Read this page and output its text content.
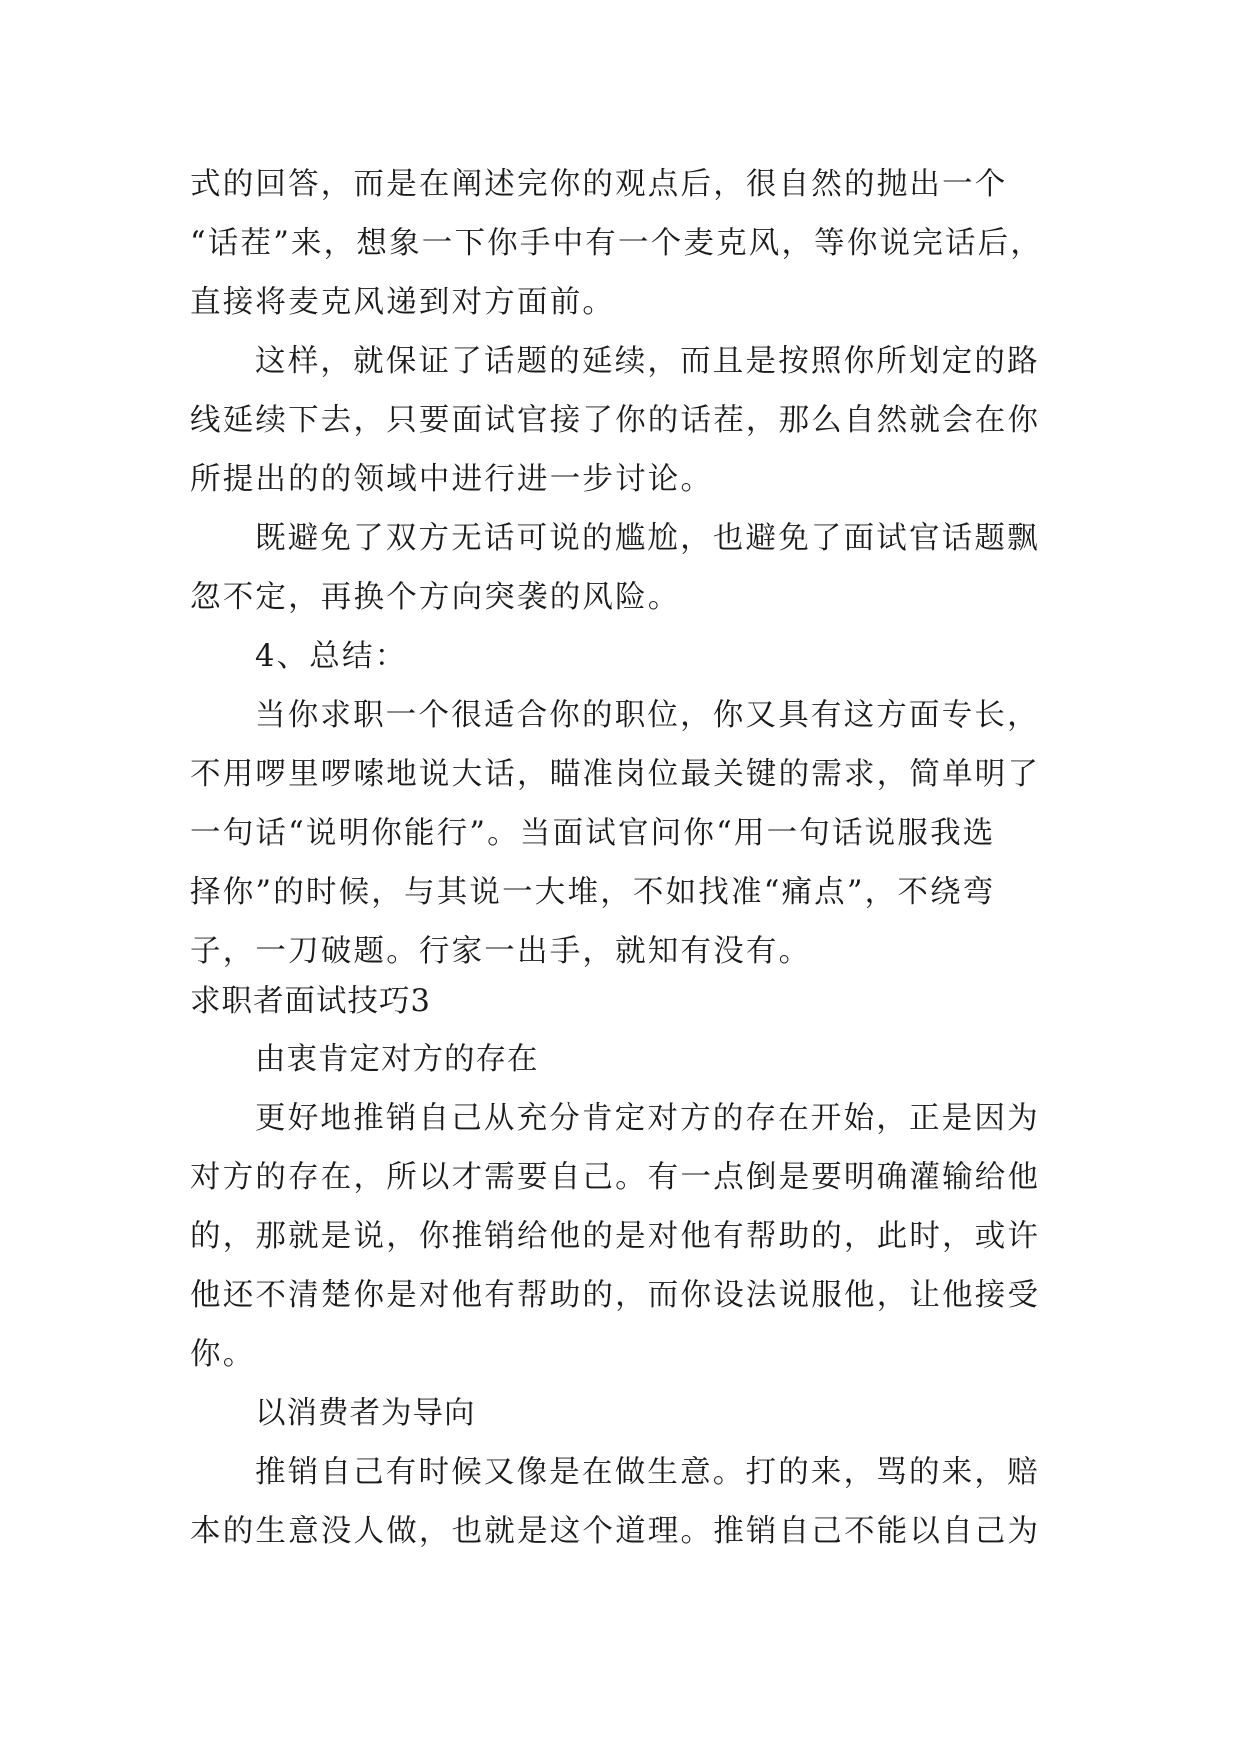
式的回答，而是在阐述完你的观点后，很自然的抛出一个
“话茬”来，想象一下你手中有一个麦克风，等你说完话后，
直接将麦克风递到对方面前。
这样，就保证了话题的延续，而且是按照你所划定的路
线延续下去，只要面试官接了你的话茬，那么自然就会在你
所提出的的领域中进行进一步讨论。
既避免了双方无话可说的尴尬，也避免了面试官话题飘
忽不定，再换个方向突袭的风险。
4、总结：
当你求职一个很适合你的职位，你又具有这方面专长，
不用啰里啰嗦地说大话，瞄准岗位最关键的需求，简单明了
一句话“说明你能行”。当面试官问你“用一句话说服我选
择你”的时候，与其说一大堆，不如找准“痛点”，不绕弯
子，一刀破题。行家一出手，就知有没有。
求职者面试技巧3
由衷肯定对方的存在
更好地推销自己从充分肯定对方的存在开始，正是因为
对方的存在，所以才需要自己。有一点倒是要明确灌输给他
的，那就是说，你推销给他的是对他有帮助的，此时，或许
他还不清楚你是对他有帮助的，而你设法说服他，让他接受
你。
以消费者为导向
推销自己有时候又像是在做生意。打的来，骂的来，赔
本的生意没人做，也就是这个道理。推销自己不能以自己为
